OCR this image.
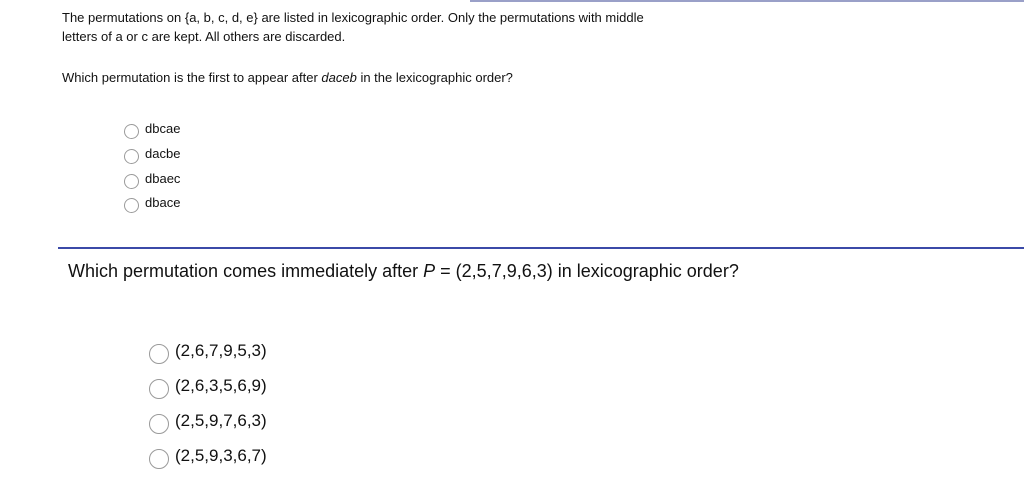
The permutations on {a, b, c, d, e} are listed in lexicographic order. Only the permutations with middle

letters of a or c are kept. All others are discarded.

Which permutation is the first to appear after daceb in the lexicographic order?

dbcae
dacbe
dbaec
dbace
Which permutation comes immediately after P = (2,5,7,9,6,3) in lexicographic order?
(2,6,7,9,5,3)
(2,6,3,5,6,9)
(2,5,9,7,6,3)
(2,5,9,3,6,7)
